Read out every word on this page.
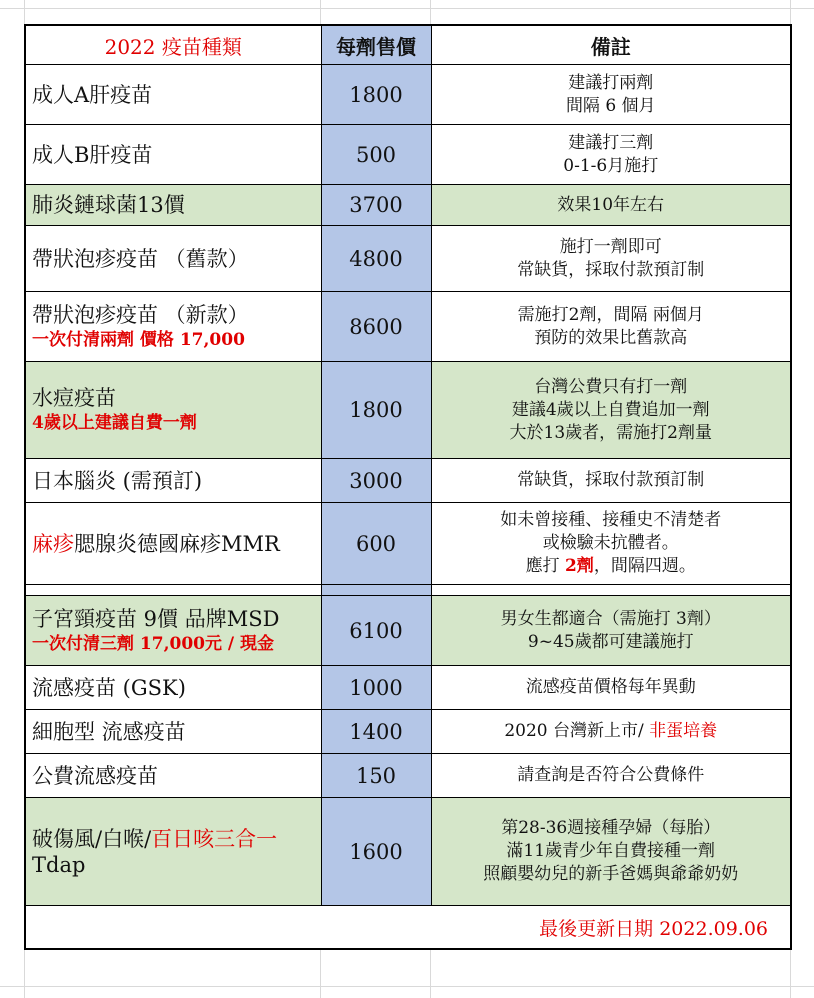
2022 疫苗種類	每劑售價	備註
成人A肝疫苗	1800	建議打兩劑
間隔 6 個月

成人B肝疫苗	500	建議打三劑
0-1-6月施打

肺炎鏈球菌13價	3700	效果10年左右

帶狀泡疹疫苗 （舊款）	4800	施打一劑即可
常缺貨，採取付款預訂制

帶狀泡疹疫苗 （新款）
一次付清兩劑 價格 17,000	8600	需施打2劑，間隔 兩個月
預防的效果比舊款高

水痘疫苗
4歲以上建議自費一劑	1800	台灣公費只有打一劑
建議4歲以上自費追加一劑
大於13歲者，需施打2劑量

日本腦炎 (需預訂)	3000	常缺貨，採取付款預訂制

麻疹腮腺炎德國麻疹MMR	600	如未曾接種、接種史不清楚者
或檢驗未抗體者。
應打 2劑，間隔四週。

子宮頸疫苗 9價 品牌MSD
一次付清三劑 17,000元 / 現金	6100	男女生都適合（需施打 3劑）
9~45歲都可建議施打

流感疫苗 (GSK)	1000	流感疫苗價格每年異動

細胞型 流感疫苗	1400	2020 台灣新上市/ 非蛋培養
公費流感疫苗	150	請查詢是否符合公費條件

破傷風/白喉/百日咳三合一
Tdap	1600	第28-36週接種孕婦（每胎）
滿11歲青少年自費接種一劑
照顧嬰幼兒的新手爸媽與爺爺奶奶

最後更新日期 2022.09.06		
